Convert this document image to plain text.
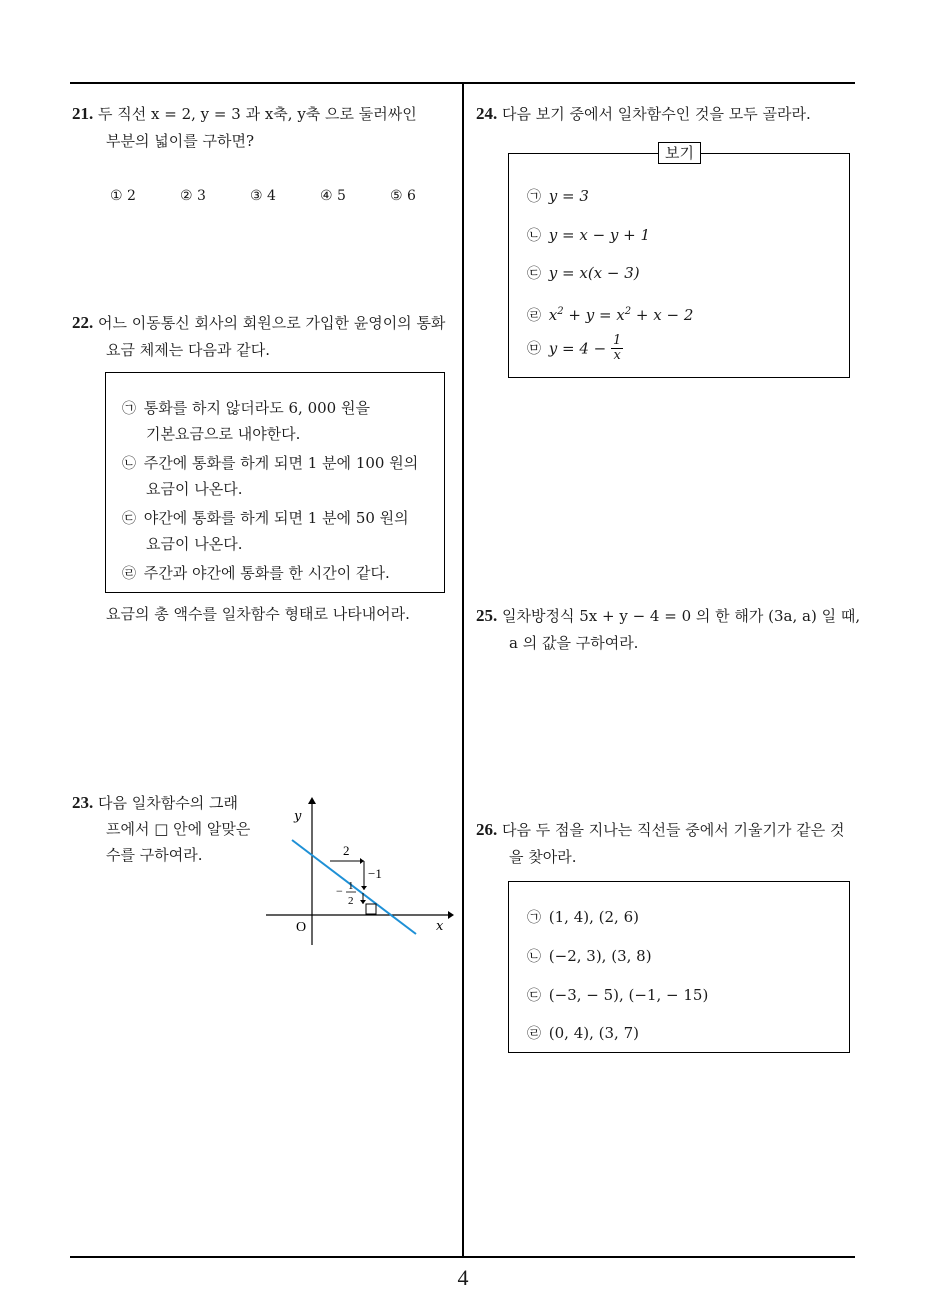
21. 두 직선 x = 2, y = 3 과 x축, y축 으로 둘러싸인
부분의 넓이를 구하면?
① 2	② 3	③ 4	④ 5	⑤ 6
22. 어느 이동통신 회사의 회원으로 가입한 윤영이의 통화
요금 체제는 다음과 같다.
㉠ 통화를 하지 않더라도 6, 000 원을
기본요금으로 내야한다.
㉡ 주간에 통화를 하게 되면 1 분에 100 원의
요금이 나온다.
㉢ 야간에 통화를 하게 되면 1 분에 50 원의
요금이 나온다.
㉣ 주간과 야간에 통화를 한 시간이 같다.
요금의 총 액수를 일차함수 형태로 나타내어라.
23. 다음 일차함수의 그래
프에서 □ 안에 알맞은
수를 구하여라.
y
x
O
2
−1
− 1
2
24. 다음 보기 중에서 일차함수인 것을 모두 골라라.
보기
㉠ y = 3
㉡ y = x − y + 1
㉢ y = x(x − 3)
㉣ $x^2 + y = x^2 + x - 2$
㉤ $y = 4 - \frac{1}{x}$
25. 일차방정식 5x + y − 4 = 0 의 한 해가 (3a, a) 일 때,
a 의 값을 구하여라.
26. 다음 두 점을 지나는 직선들 중에서 기울기가 같은 것
을 찾아라.
㉠ (1, 4), (2, 6)
㉡ (−2, 3), (3, 8)
㉢ (−3, − 5), (−1, − 15)
㉣ (0, 4), (3, 7)
4
